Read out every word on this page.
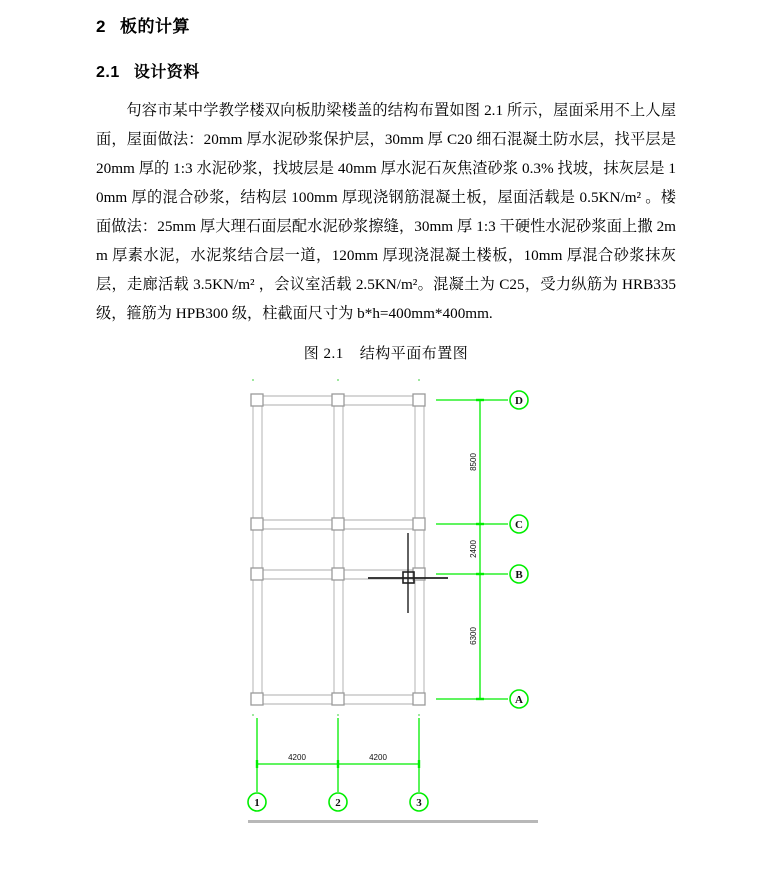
2 板的计算
2.1 设计资料

句容市某中学教学楼双向板肋梁楼盖的结构布置如图 2.1 所示，屋面采用不上人屋面，屋面做法：20mm 厚水泥砂浆保护层，30mm 厚 C20 细石混凝土防水层，找平层是 20mm 厚的 1:3 水泥砂浆，找坡层是 40mm 厚水泥石灰焦渣砂浆 0.3% 找坡，抹灰层是 10mm 厚的混合砂浆，结构层 100mm 厚现浇钢筋混凝土板，屋面活载是 0.5KN/m² 。楼面做法：25mm 厚大理石面层配水泥砂浆擦缝，30mm 厚 1:3 干硬性水泥砂浆面上撒 2mm 厚素水泥，水泥浆结合层一道，120mm 厚现浇混凝土楼板，10mm 厚混合砂浆抹灰层，走廊活载 3.5KN/m² ，会议室活载 2.5KN/m²。混凝土为 C25，受力纵筋为 HRB335 级，箍筋为 HPB300 级，柱截面尺寸为 b*h=400mm*400mm.

图 2.1 结构平面布置图

8500
2400
6300
D
C
B
A
4200	4200
1	2	3
